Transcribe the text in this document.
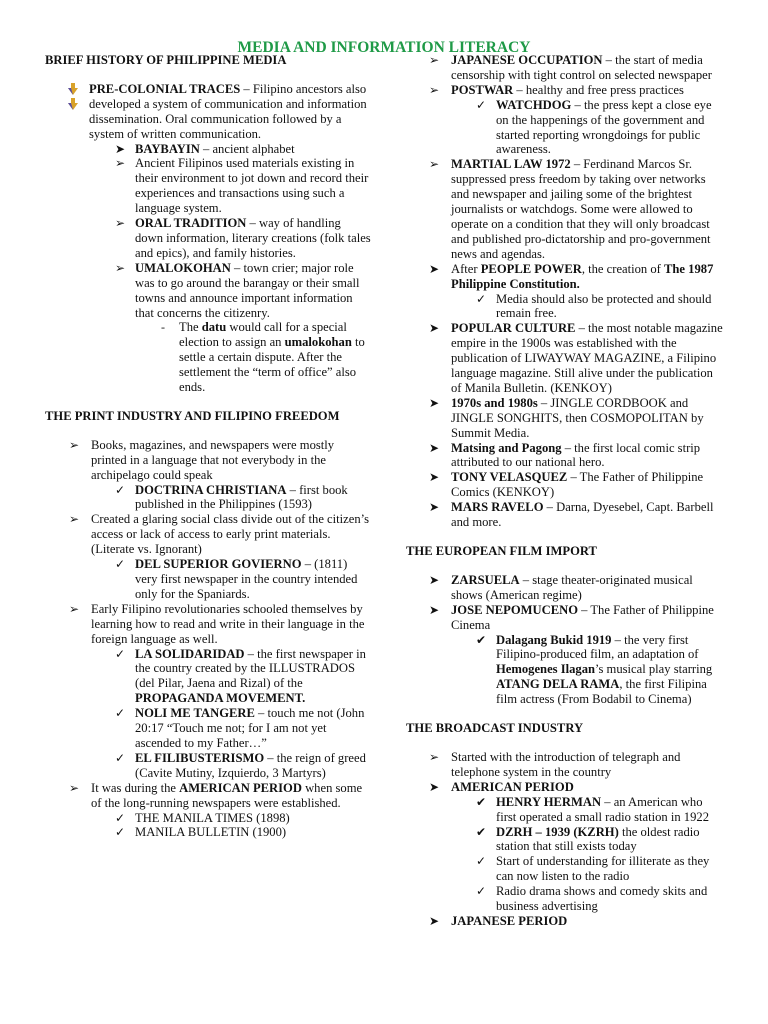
MEDIA AND INFORMATION LITERACY
BRIEF HISTORY OF PHILIPPINE MEDIA
PRE-COLONIAL TRACES – Filipino ancestors also developed a system of communication and information dissemination. Oral communication followed by a system of written communication.
➤ BAYBAYIN – ancient alphabet
➢ Ancient Filipinos used materials existing in their environment to jot down and record their experiences and transactions using such a language system.
➢ ORAL TRADITION – way of handling down information, literary creations (folk tales and epics), and family histories.
➢ UMALOKOHAN – town crier; major role was to go around the barangay or their small towns and announce important information that concerns the citizenry.
- The datu would call for a special election to assign an umalokohan to settle a certain dispute. After the settlement the “term of office” also ends.
THE PRINT INDUSTRY AND FILIPINO FREEDOM
➢ Books, magazines, and newspapers were mostly printed in a language that not everybody in the archipelago could speak
✓ DOCTRINA CHRISTIANA – first book published in the Philippines (1593)
➢ Created a glaring social class divide out of the citizen’s access or lack of access to early print materials. (Literate vs. Ignorant)
✓ DEL SUPERIOR GOVIERNO – (1811) very first newspaper in the country intended only for the Spaniards.
➢ Early Filipino revolutionaries schooled themselves by learning how to read and write in their language in the foreign language as well.
✓ LA SOLIDARIDAD – the first newspaper in the country created by the ILLUSTRADOS (del Pilar, Jaena and Rizal) of the PROPAGANDA MOVEMENT.
✓ NOLI ME TANGERE – touch me not (John 20:17 “Touch me not; for I am not yet ascended to my Father…”
✓ EL FILIBUSTERISMO – the reign of greed (Cavite Mutiny, Izquierdo, 3 Martyrs)
➢ It was during the AMERICAN PERIOD when some of the long-running newspapers were established.
✓ THE MANILA TIMES (1898)
✓ MANILA BULLETIN (1900)
➢ JAPANESE OCCUPATION – the start of media censorship with tight control on selected newspaper
➢ POSTWAR – healthy and free press practices
✓ WATCHDOG – the press kept a close eye on the happenings of the government and started reporting wrongdoings for public awareness.
➢ MARTIAL LAW 1972 – Ferdinand Marcos Sr. suppressed press freedom by taking over networks and newspaper and jailing some of the brightest journalists or watchdogs. Some were allowed to operate on a condition that they will only broadcast and published pro-dictatorship and pro-government news and agendas.
➤ After PEOPLE POWER, the creation of The 1987 Philippine Constitution.
✓ Media should also be protected and should remain free.
➤ POPULAR CULTURE – the most notable magazine empire in the 1900s was established with the publication of LIWAYWAY MAGAZINE, a Filipino language magazine. Still alive under the publication of Manila Bulletin. (KENKOY)
➤ 1970s and 1980s – JINGLE CORDBOOK and JINGLE SONGHITS, then COSMOPOLITAN by Summit Media.
➤ Matsing and Pagong – the first local comic strip attributed to our national hero.
➤ TONY VELASQUEZ – The Father of Philippine Comics (KENKOY)
➤ MARS RAVELO – Darna, Dyesebel, Capt. Barbell and more.
THE EUROPEAN FILM IMPORT
➤ ZARSUELA – stage theater-originated musical shows (American regime)
➤ JOSE NEPOMUCENO – The Father of Philippine Cinema
✔ Dalagang Bukid 1919 – the very first Filipino-produced film, an adaptation of Hemogenes Ilagan’s musical play starring ATANG DELA RAMA, the first Filipina film actress (From Bodabil to Cinema)
THE BROADCAST INDUSTRY
➢ Started with the introduction of telegraph and telephone system in the country
➤ AMERICAN PERIOD
✔ HENRY HERMAN – an American who first operated a small radio station in 1922
✔ DZRH – 1939 (KZRH) the oldest radio station that still exists today
✓ Start of understanding for illiterate as they can now listen to the radio
✓ Radio drama shows and comedy skits and business advertising
➤ JAPANESE PERIOD
